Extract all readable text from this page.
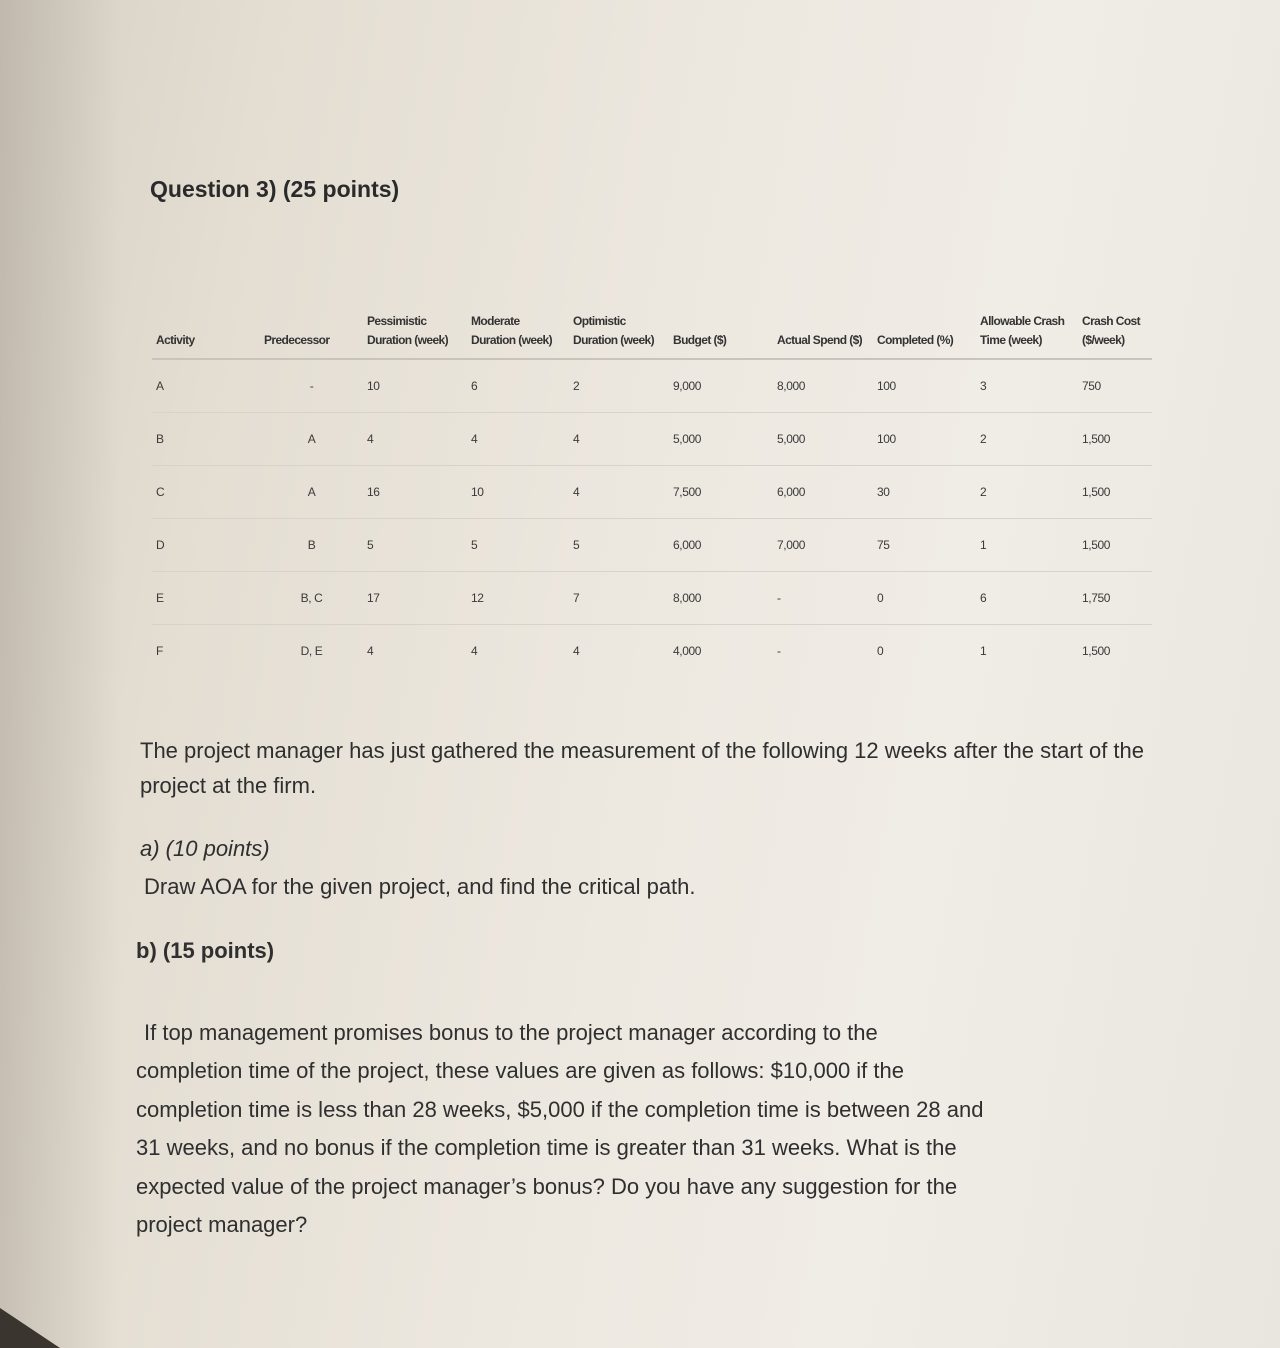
Question 3) (25 points)
Activity	Predecessor	Pessimistic Duration (week)	Moderate Duration (week)	Optimistic Duration (week)	Budget ($)	Actual Spend ($)	Completed (%)	Allowable Crash Time (week)	Crash Cost ($/week)
A	-	10	6	2	9,000	8,000	100	3	750
B	A	4	4	4	5,000	5,000	100	2	1,500
C	A	16	10	4	7,500	6,000	30	2	1,500
D	B	5	5	5	6,000	7,000	75	1	1,500
E	B, C	17	12	7	8,000	-	0	6	1,750
F	D, E	4	4	4	4,000	-	0	1	1,500
The project manager has just gathered the measurement of the following 12 weeks after the start of the project at the firm.
a) (10 points)
Draw AOA for the given project, and find the critical path.
b) (15 points)
If top management promises bonus to the project manager according to the
completion time of the project, these values are given as follows: $10,000 if the
completion time is less than 28 weeks, $5,000 if the completion time is between 28 and
31 weeks, and no bonus if the completion time is greater than 31 weeks. What is the
expected value of the project manager’s bonus? Do you have any suggestion for the
project manager?
